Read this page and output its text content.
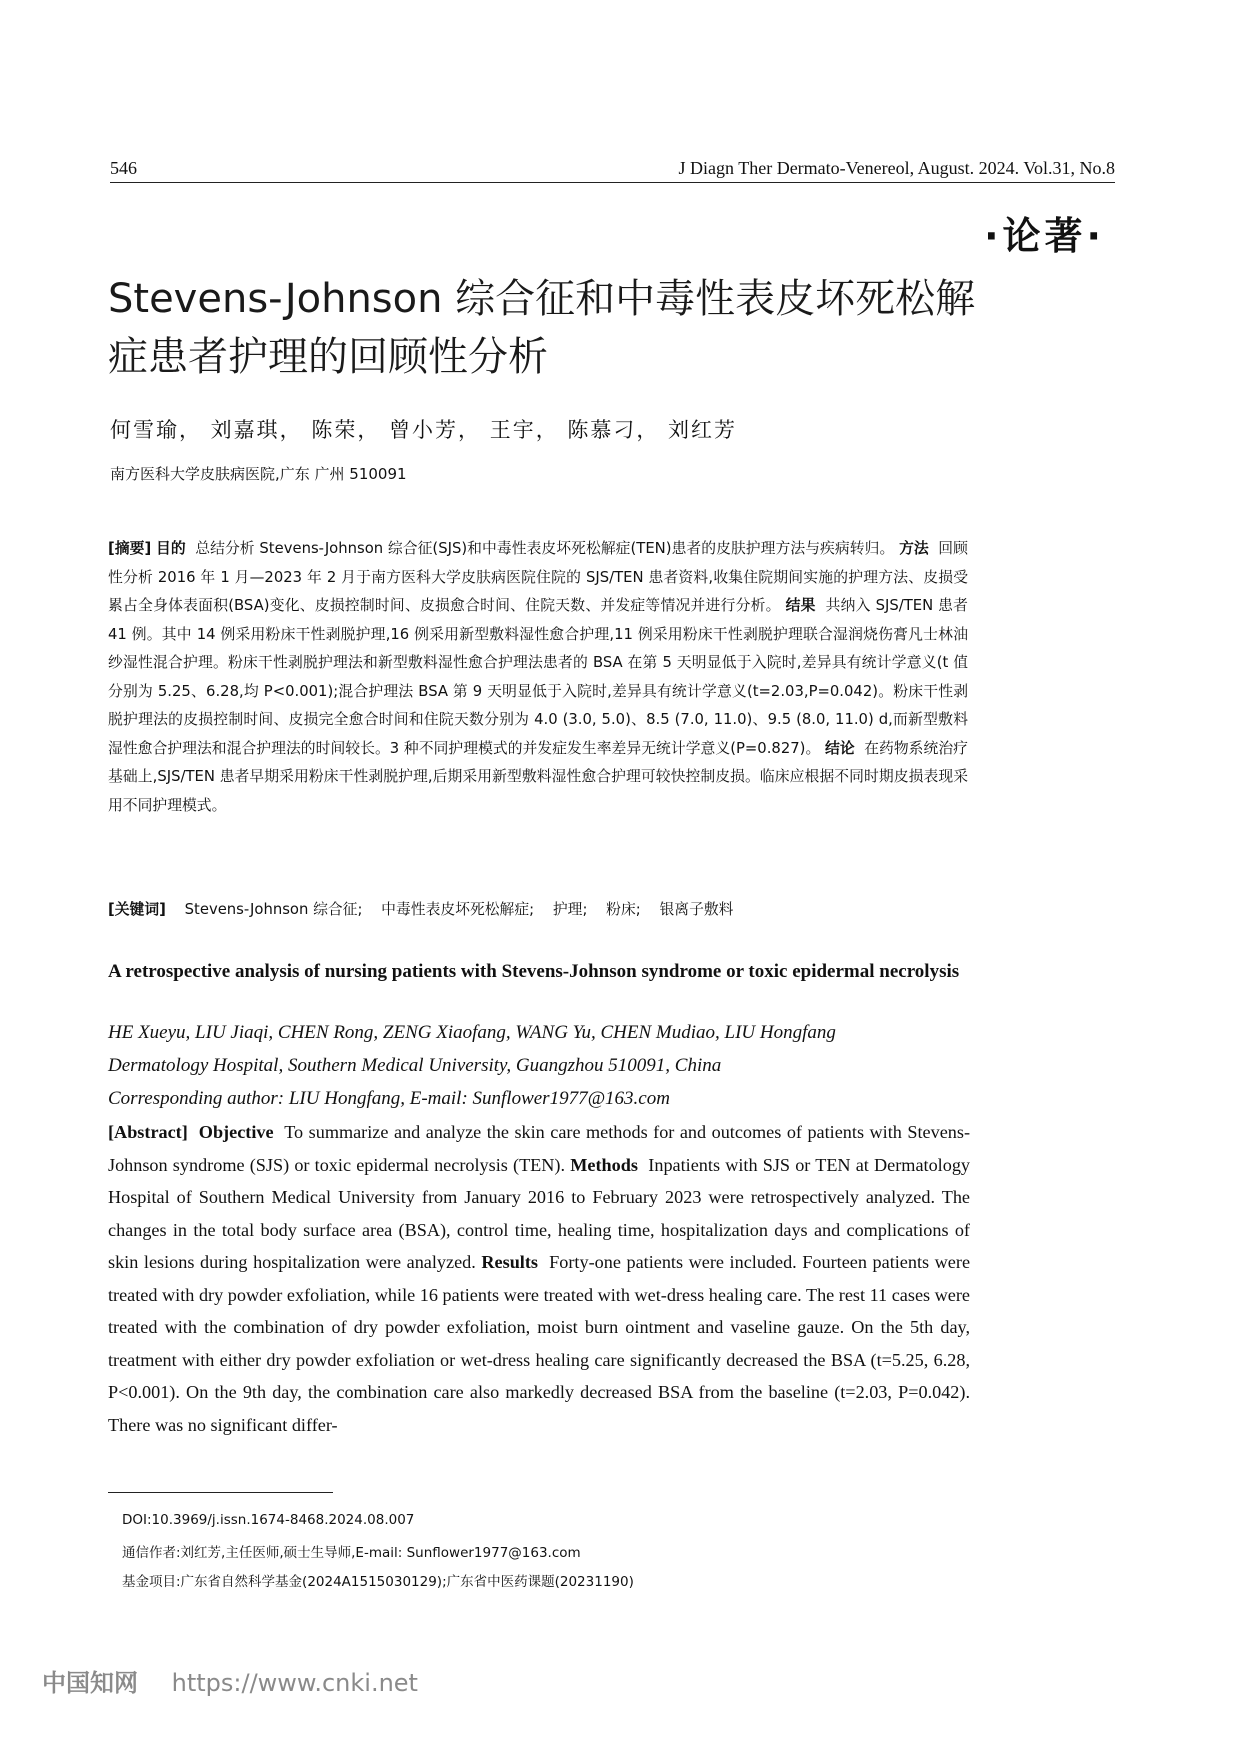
546	J Diagn Ther Dermato-Venereol, August. 2024. Vol.31, No.8
·论著·
Stevens-Johnson 综合征和中毒性表皮坏死松解症患者护理的回顾性分析
何雪瑜， 刘嘉琪， 陈荣， 曾小芳， 王宇， 陈慕刁， 刘红芳
南方医科大学皮肤病医院,广东 广州 510091
[摘要] 目的 总结分析 Stevens-Johnson 综合征(SJS)和中毒性表皮坏死松解症(TEN)患者的皮肤护理方法与疾病转归。 方法 回顾性分析 2016 年 1 月—2023 年 2 月于南方医科大学皮肤病医院住院的 SJS/TEN 患者资料,收集住院期间实施的护理方法、皮损受累占全身体表面积(BSA)变化、皮损控制时间、皮损愈合时间、住院天数、并发症等情况并进行分析。 结果 共纳入 SJS/TEN 患者 41 例。其中 14 例采用粉床干性剥脱护理,16 例采用新型敷料湿性愈合护理,11 例采用粉床干性剥脱护理联合湿润烧伤膏凡士林油纱湿性混合护理。粉床干性剥脱护理法和新型敷料湿性愈合护理法患者的 BSA 在第 5 天明显低于入院时,差异具有统计学意义(t 值分别为 5.25、6.28,均 P<0.001);混合护理法 BSA 第 9 天明显低于入院时,差异具有统计学意义(t=2.03,P=0.042)。粉床干性剥脱护理法的皮损控制时间、皮损完全愈合时间和住院天数分别为 4.0 (3.0, 5.0)、8.5 (7.0, 11.0)、9.5 (8.0, 11.0) d,而新型敷料湿性愈合护理法和混合护理法的时间较长。3 种不同护理模式的并发症发生率差异无统计学意义(P=0.827)。 结论 在药物系统治疗基础上,SJS/TEN 患者早期采用粉床干性剥脱护理,后期采用新型敷料湿性愈合护理可较快控制皮损。临床应根据不同时期皮损表现采用不同护理模式。
[关键词] Stevens-Johnson 综合征; 中毒性表皮坏死松解症; 护理; 粉床; 银离子敷料
A retrospective analysis of nursing patients with Stevens-Johnson syndrome or toxic epidermal necrolysis
HE Xueyu, LIU Jiaqi, CHEN Rong, ZENG Xiaofang, WANG Yu, CHEN Mudiao, LIU Hongfang
Dermatology Hospital, Southern Medical University, Guangzhou 510091, China
Corresponding author: LIU Hongfang, E-mail: Sunflower1977@163.com
[Abstract] Objective To summarize and analyze the skin care methods for and outcomes of patients with Stevens-Johnson syndrome (SJS) or toxic epidermal necrolysis (TEN). Methods Inpatients with SJS or TEN at Dermatology Hospital of Southern Medical University from January 2016 to February 2023 were retrospectively analyzed. The changes in the total body surface area (BSA), control time, healing time, hospitalization days and complications of skin lesions during hospitalization were analyzed. Results Forty-one patients were included. Fourteen patients were treated with dry powder exfoliation, while 16 patients were treated with wet-dress healing care. The rest 11 cases were treated with the combination of dry powder exfoliation, moist burn ointment and vaseline gauze. On the 5th day, treatment with either dry powder exfoliation or wet-dress healing care significantly decreased the BSA (t=5.25, 6.28, P<0.001). On the 9th day, the combination care also markedly decreased BSA from the baseline (t=2.03, P=0.042). There was no significant differ-
DOI:10.3969/j.issn.1674-8468.2024.08.007
通信作者:刘红芳,主任医师,硕士生导师,E-mail: Sunflower1977@163.com
基金项目:广东省自然科学基金(2024A1515030129);广东省中医药课题(20231190)
中国知网 https://www.cnki.net
